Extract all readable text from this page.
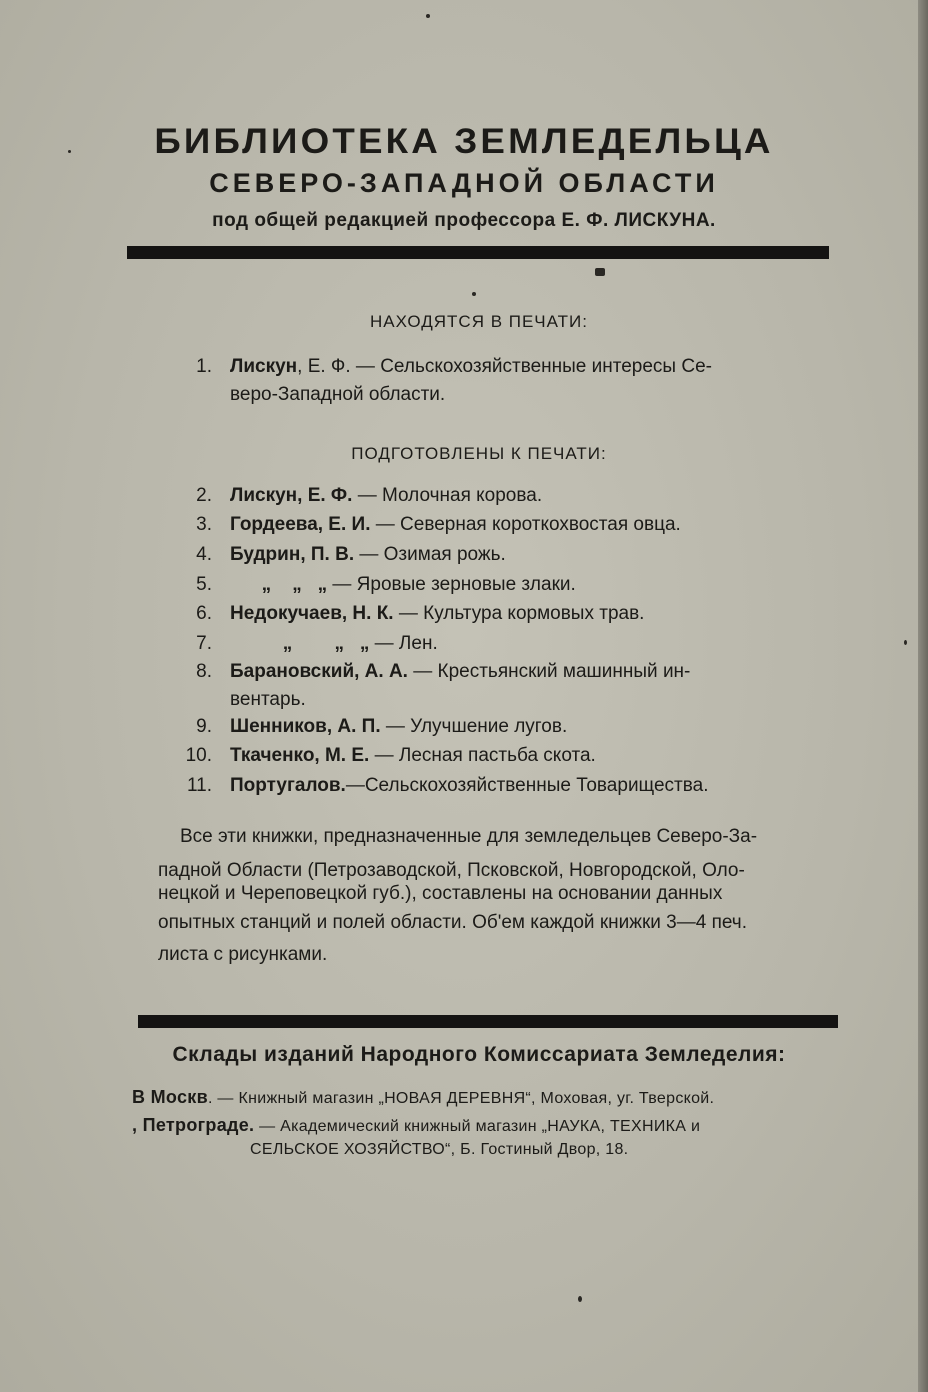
БИБЛИОТЕКА ЗЕМЛЕДЕЛЬЦА
СЕВЕРО-ЗАПАДНОЙ ОБЛАСТИ
под общей редакцией профессора Е. Ф. ЛИСКУНА.
НАХОДЯТСЯ В ПЕЧАТИ:
1. Лискун, Е. Ф. — Сельскохозяйственные интересы Се-
веро-Западной области.
ПОДГОТОВЛЕНЫ К ПЕЧАТИ:
2. Лискун, Е. Ф. — Молочная корова.
3. Гордеева, Е. И. — Северная короткохвостая овца.
4. Будрин, П. В. — Озимая рожь.
5.      „    „   „ — Яровые зерновые злаки.
6. Недокучаев, Н. К. — Культура кормовых трав.
7.          „        „   „ — Лен.
8. Барановский, А. А. — Крестьянский машинный ин-
вентарь.
9. Шенников, А. П. — Улучшение лугов.
10. Ткаченко, М. Е. — Лесная пастьба скота.
11. Португалов.—Сельскохозяйственные Товарищества.
Все эти книжки, предназначенные для земледельцев Северо-За-
падной Области (Петрозаводской, Псковской, Новгородской, Оло-
нецкой и Череповецкой губ.), составлены на основании данных
опытных станций и полей области. Об'ем каждой книжки 3—4 печ.
листа с рисунками.
Склады изданий Народного Комиссариата Земледелия:
В Москв. — Книжный магазин „НОВАЯ ДЕРЕВНЯ“, Моховая, уг. Тверской.
, Петрограде. — Академический книжный магазин „НАУКА, ТЕХНИКА и
СЕЛЬСКОЕ ХОЗЯЙСТВО“, Б. Гостиный Двор, 18.
